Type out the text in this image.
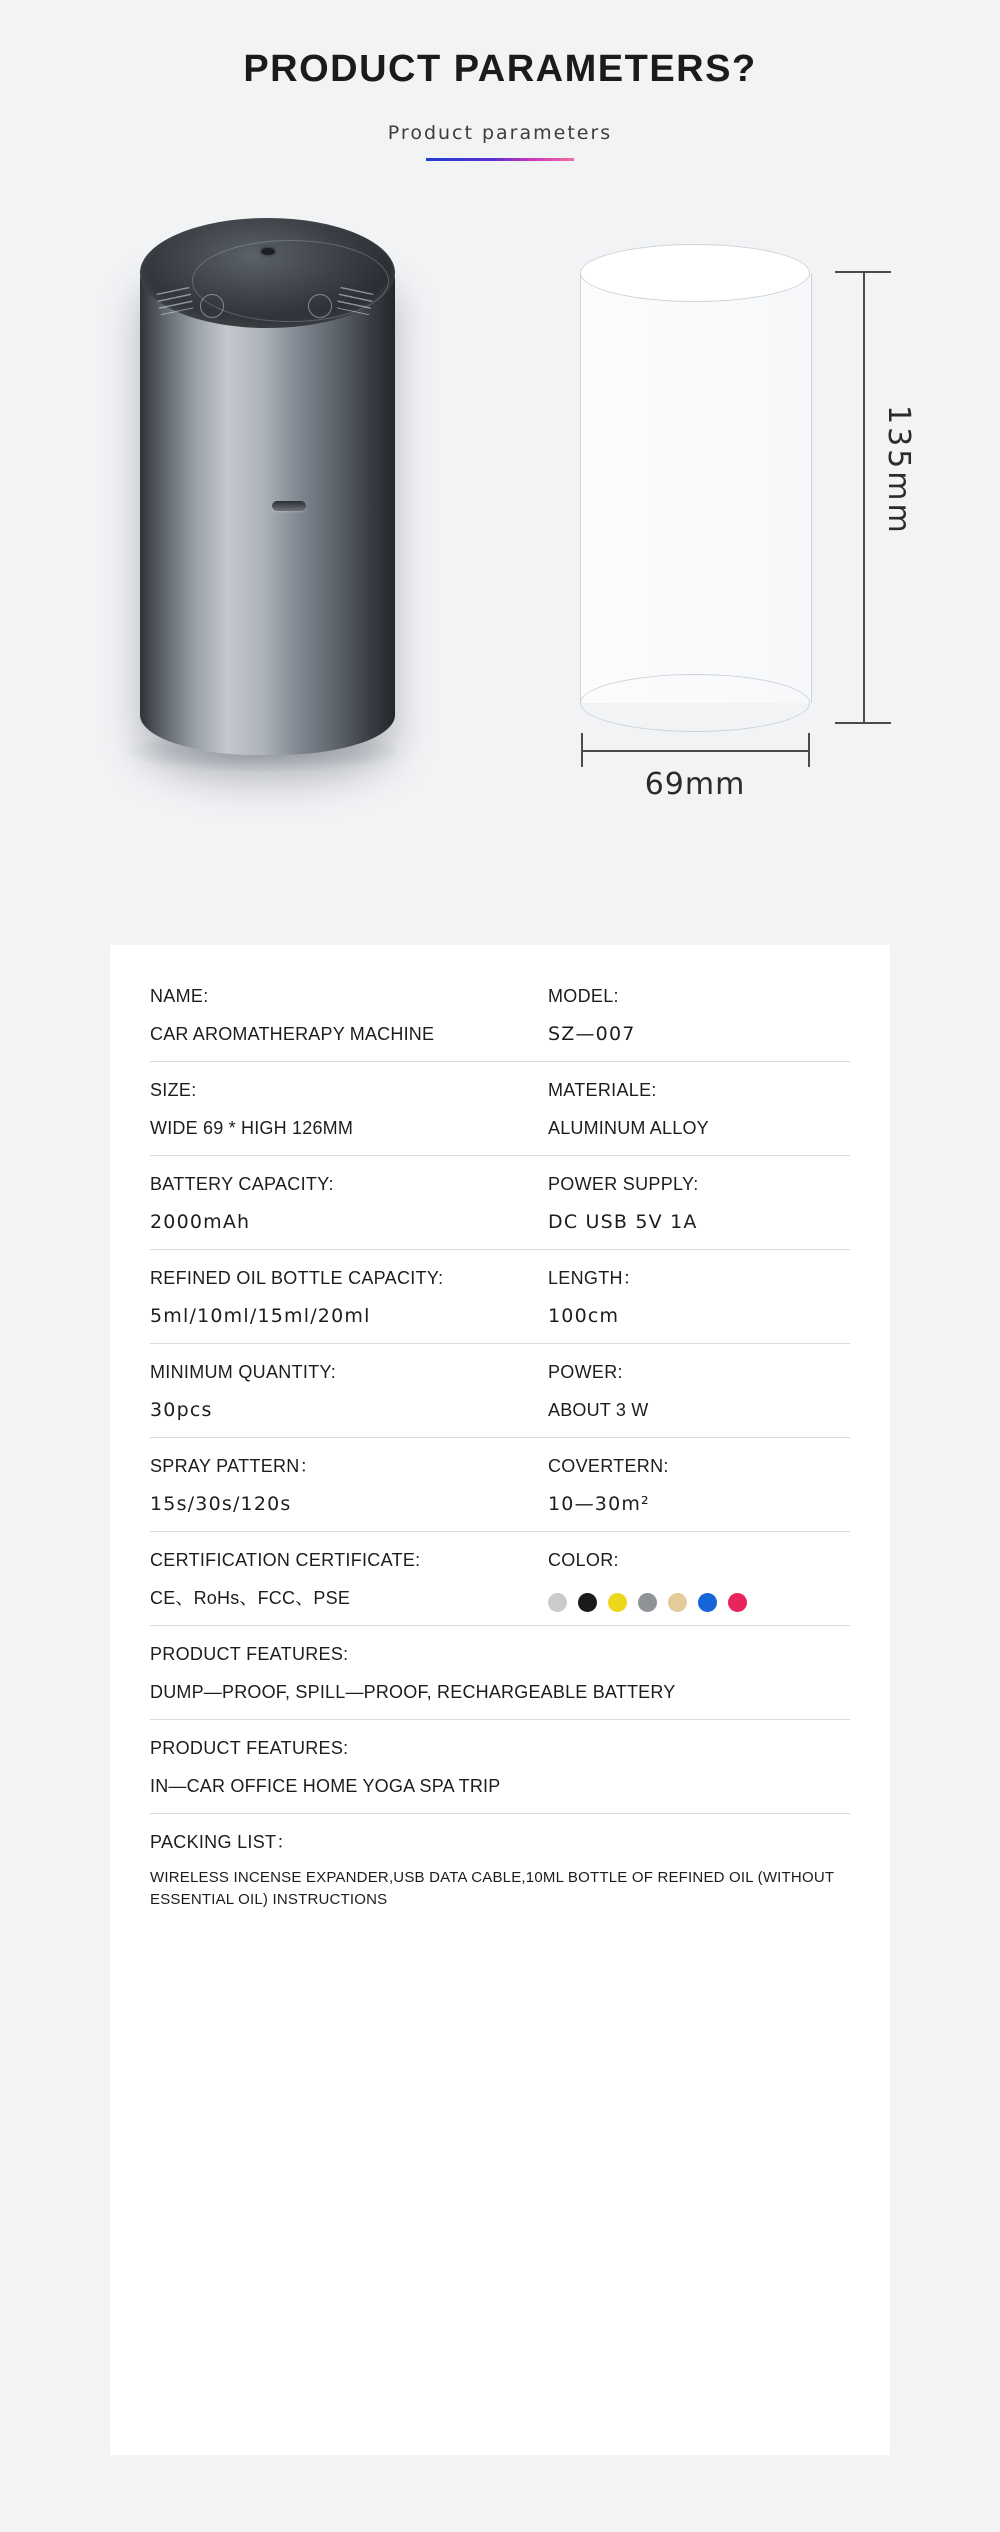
PRODUCT PARAMETERS?
Product parameters
135mm
69mm
NAME:
CAR AROMATHERAPY MACHINE
MODEL:
SZ—007
SIZE:
WIDE 69 * HIGH 126MM
MATERIALE:
ALUMINUM ALLOY
BATTERY CAPACITY:
2000mAh
POWER SUPPLY:
DC USB 5V 1A
REFINED OIL BOTTLE CAPACITY:
5ml/10ml/15ml/20ml
LENGTH：
100cm
MINIMUM QUANTITY:
30pcs
POWER:
ABOUT 3 W
SPRAY PATTERN：
15s/30s/120s
COVERTERN:
10—30m²
CERTIFICATION CERTIFICATE:
CE、RoHs、FCC、PSE
COLOR:
PRODUCT FEATURES:
DUMP—PROOF, SPILL—PROOF, RECHARGEABLE BATTERY
PRODUCT FEATURES:
IN—CAR OFFICE HOME YOGA SPA TRIP
PACKING LIST：
WIRELESS INCENSE EXPANDER,USB DATA CABLE,10ML BOTTLE OF REFINED OIL (WITHOUT ESSENTIAL OIL) INSTRUCTIONS
